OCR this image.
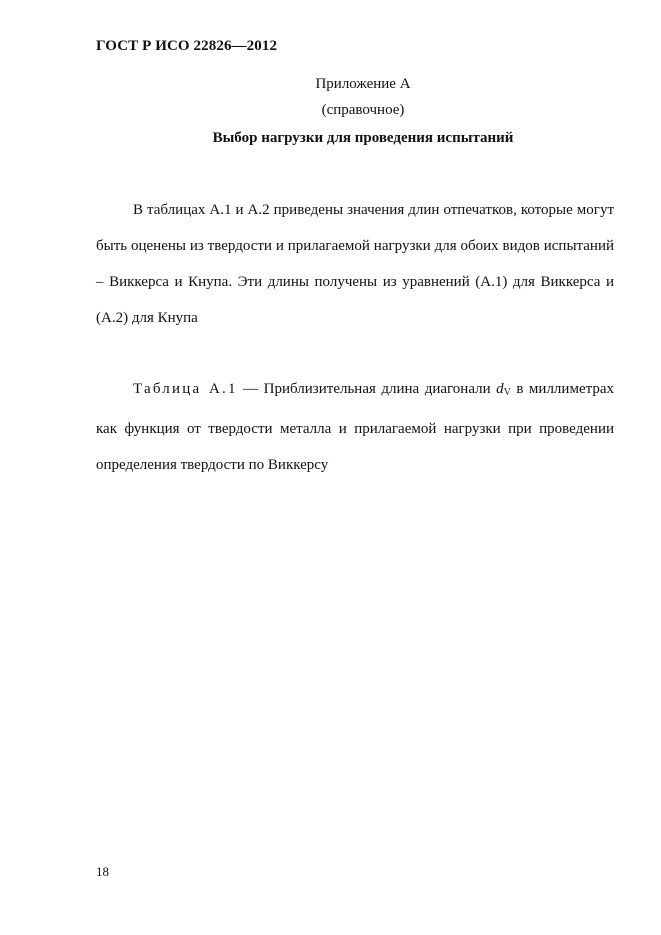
ГОСТ Р ИСО 22826—2012
Приложение А
(справочное)
Выбор нагрузки для проведения испытаний

В таблицах А.1 и А.2 приведены значения длин отпечатков, которые могут быть оценены из твердости и прилагаемой нагрузки для обоих видов испытаний – Виккерса и Кнупа. Эти длины получены из уравнений (А.1) для Виккерса и (А.2) для Кнупа

Таблица А.1 — Приблизительная длина диагонали $d_V$ в миллиметрах как функция от твердости металла и прилагаемой нагрузки при проведении определения твердости по Виккерсу

18
